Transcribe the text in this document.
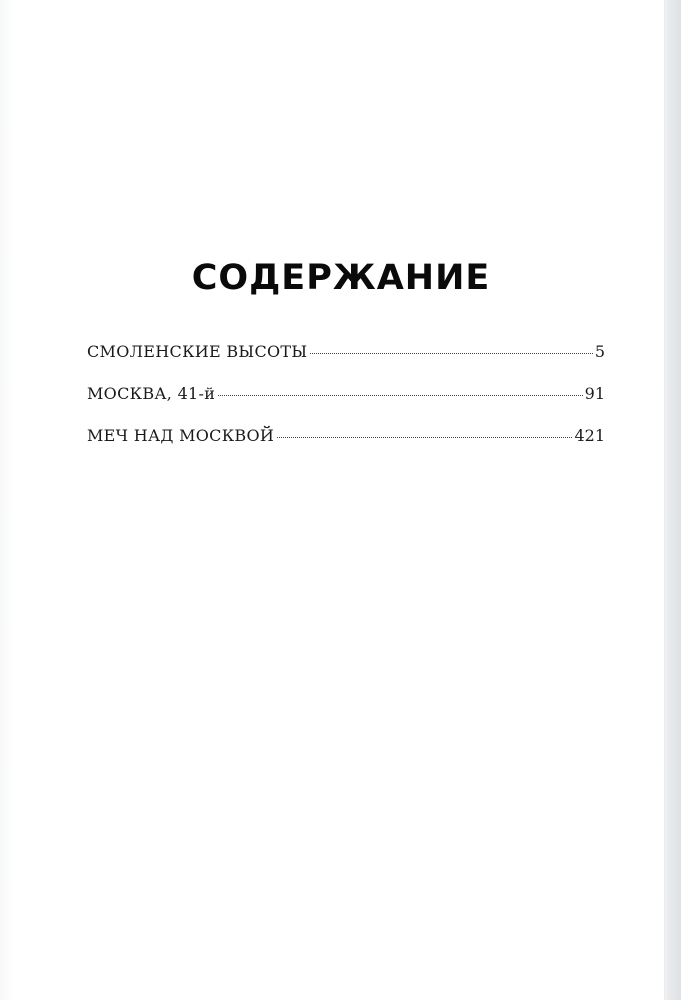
СОДЕРЖАНИЕ
СМОЛЕНСКИЕ ВЫСОТЫ	5
МОСКВА, 41-й	91
МЕЧ НАД МОСКВОЙ	421
